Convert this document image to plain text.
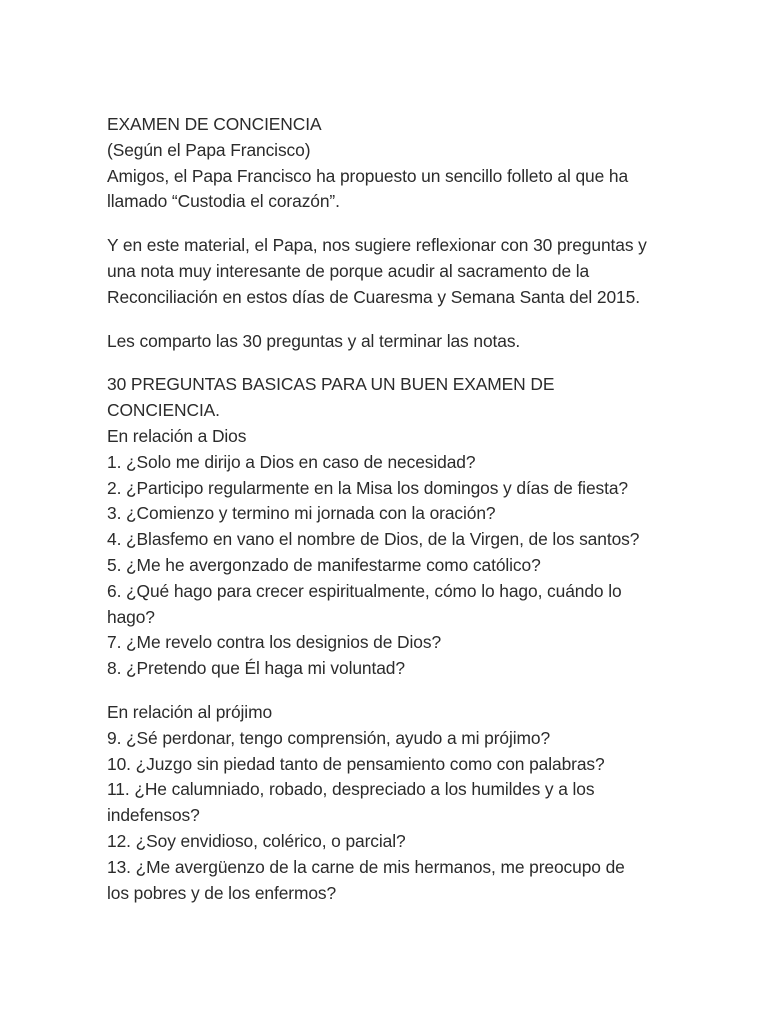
EXAMEN DE CONCIENCIA
(Según el Papa Francisco)
Amigos, el Papa Francisco ha propuesto un sencillo folleto al que ha
llamado “Custodia el corazón”.
Y en este material, el Papa, nos sugiere reflexionar con 30 preguntas y
una nota muy interesante de porque acudir al sacramento de la
Reconciliación en estos días de Cuaresma y Semana Santa del 2015.
Les comparto las 30 preguntas y al terminar las notas.
30 PREGUNTAS BASICAS PARA UN BUEN EXAMEN DE
CONCIENCIA.
En relación a Dios
1. ¿Solo me dirijo a Dios en caso de necesidad?
2. ¿Participo regularmente en la Misa los domingos y días de fiesta?
3. ¿Comienzo y termino mi jornada con la oración?
4. ¿Blasfemo en vano el nombre de Dios, de la Virgen, de los santos?
5. ¿Me he avergonzado de manifestarme como católico?
6. ¿Qué hago para crecer espiritualmente, cómo lo hago, cuándo lo
hago?
7. ¿Me revelo contra los designios de Dios?
8. ¿Pretendo que Él haga mi voluntad?
En relación al prójimo
9. ¿Sé perdonar, tengo comprensión, ayudo a mi prójimo?
10. ¿Juzgo sin piedad tanto de pensamiento como con palabras?
11. ¿He calumniado, robado, despreciado a los humildes y a los
indefensos?
12. ¿Soy envidioso, colérico, o parcial?
13. ¿Me avergüenzo de la carne de mis hermanos, me preocupo de
los pobres y de los enfermos?
